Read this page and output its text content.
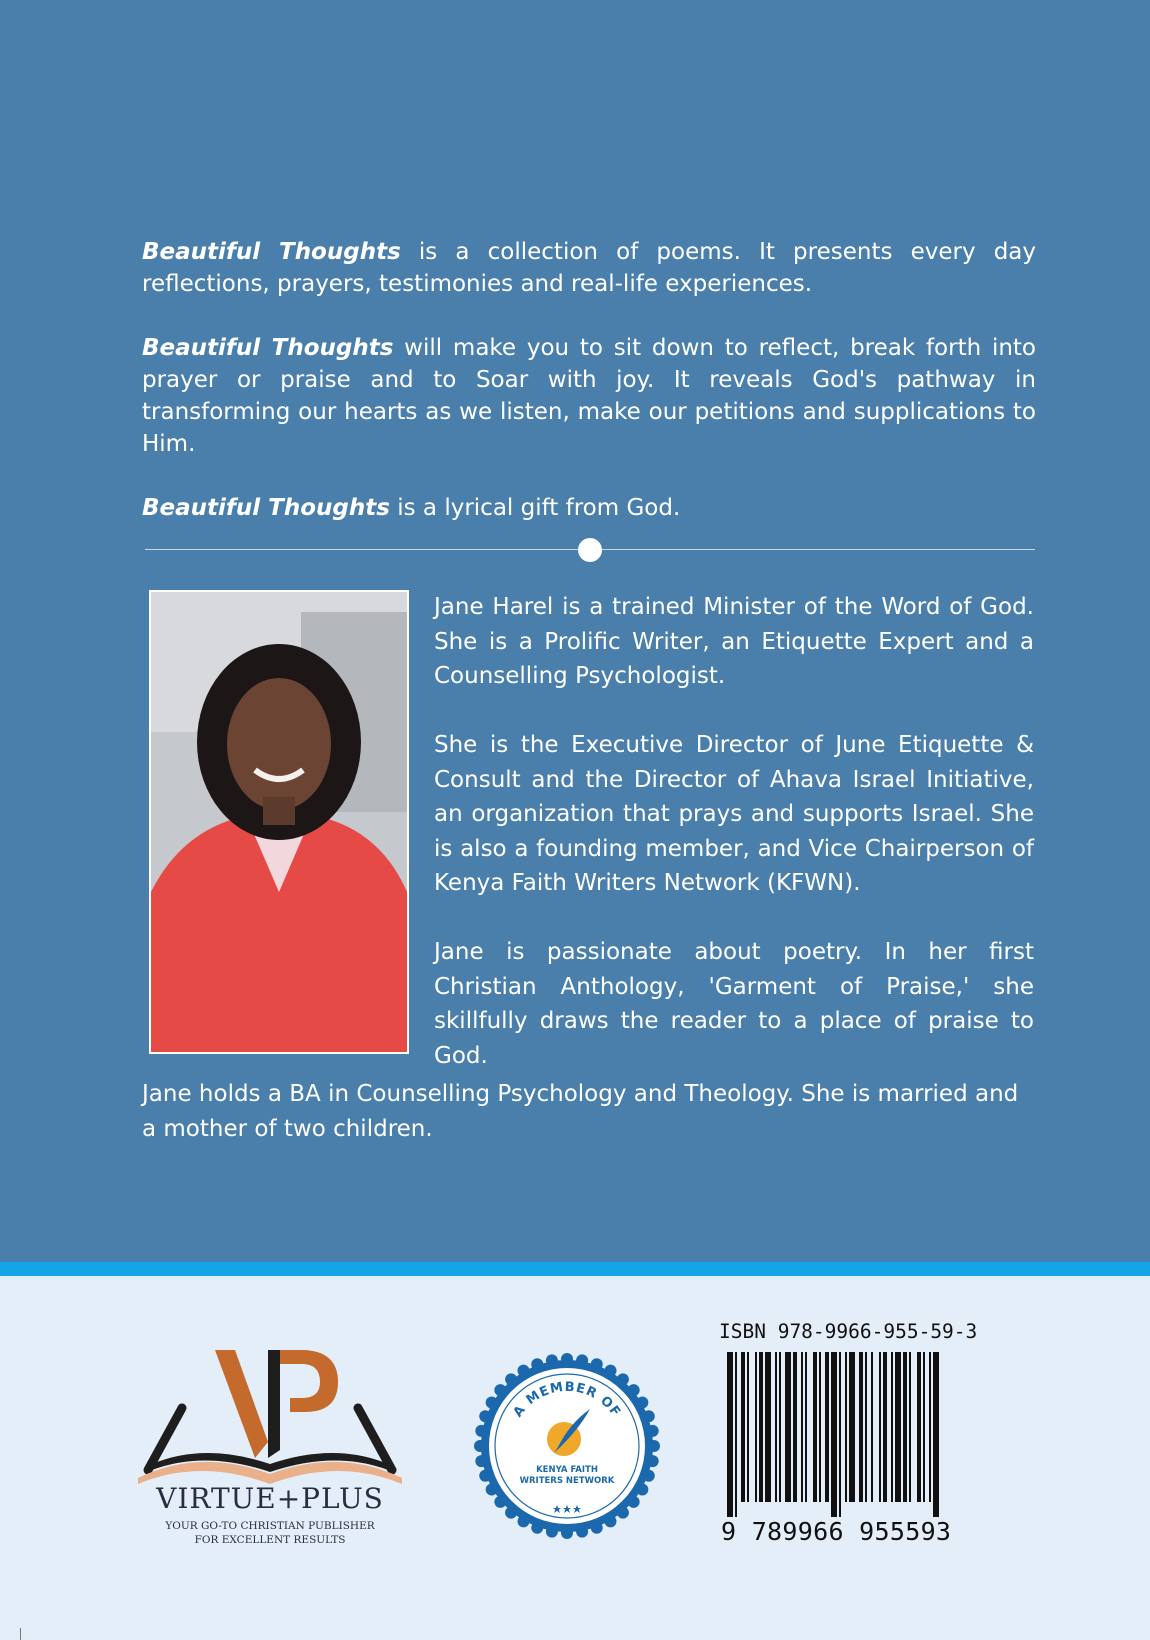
Beautiful Thoughts is a collection of poems. It presents every day reflections, prayers, testimonies and real-life experiences.

Beautiful Thoughts will make you to sit down to reflect, break forth into prayer or praise and to Soar with joy. It reveals God's pathway in transforming our hearts as we listen, make our petitions and supplications to Him.

Beautiful Thoughts is a lyrical gift from God.

Jane Harel is a trained Minister of the Word of God. She is a Prolific Writer, an Etiquette Expert and a Counselling Psychologist.

She is the Executive Director of June Etiquette & Consult and the Director of Ahava Israel Initiative, an organization that prays and supports Israel. She is also a founding member, and Vice Chairperson of Kenya Faith Writers Network (KFWN).

Jane is passionate about poetry. In her first Christian Anthology, 'Garment of Praise,' she skillfully draws the reader to a place of praise to God.

Jane holds a BA in Counselling Psychology and Theology. She is married and a mother of two children.

VIRTUE+PLUS
YOUR GO-TO CHRISTIAN PUBLISHER
FOR EXCELLENT RESULTS
A MEMBER OF
KENYA FAITH
WRITERS NETWORK
ISBN 978-9966-955-59-3
9 789966 955593
